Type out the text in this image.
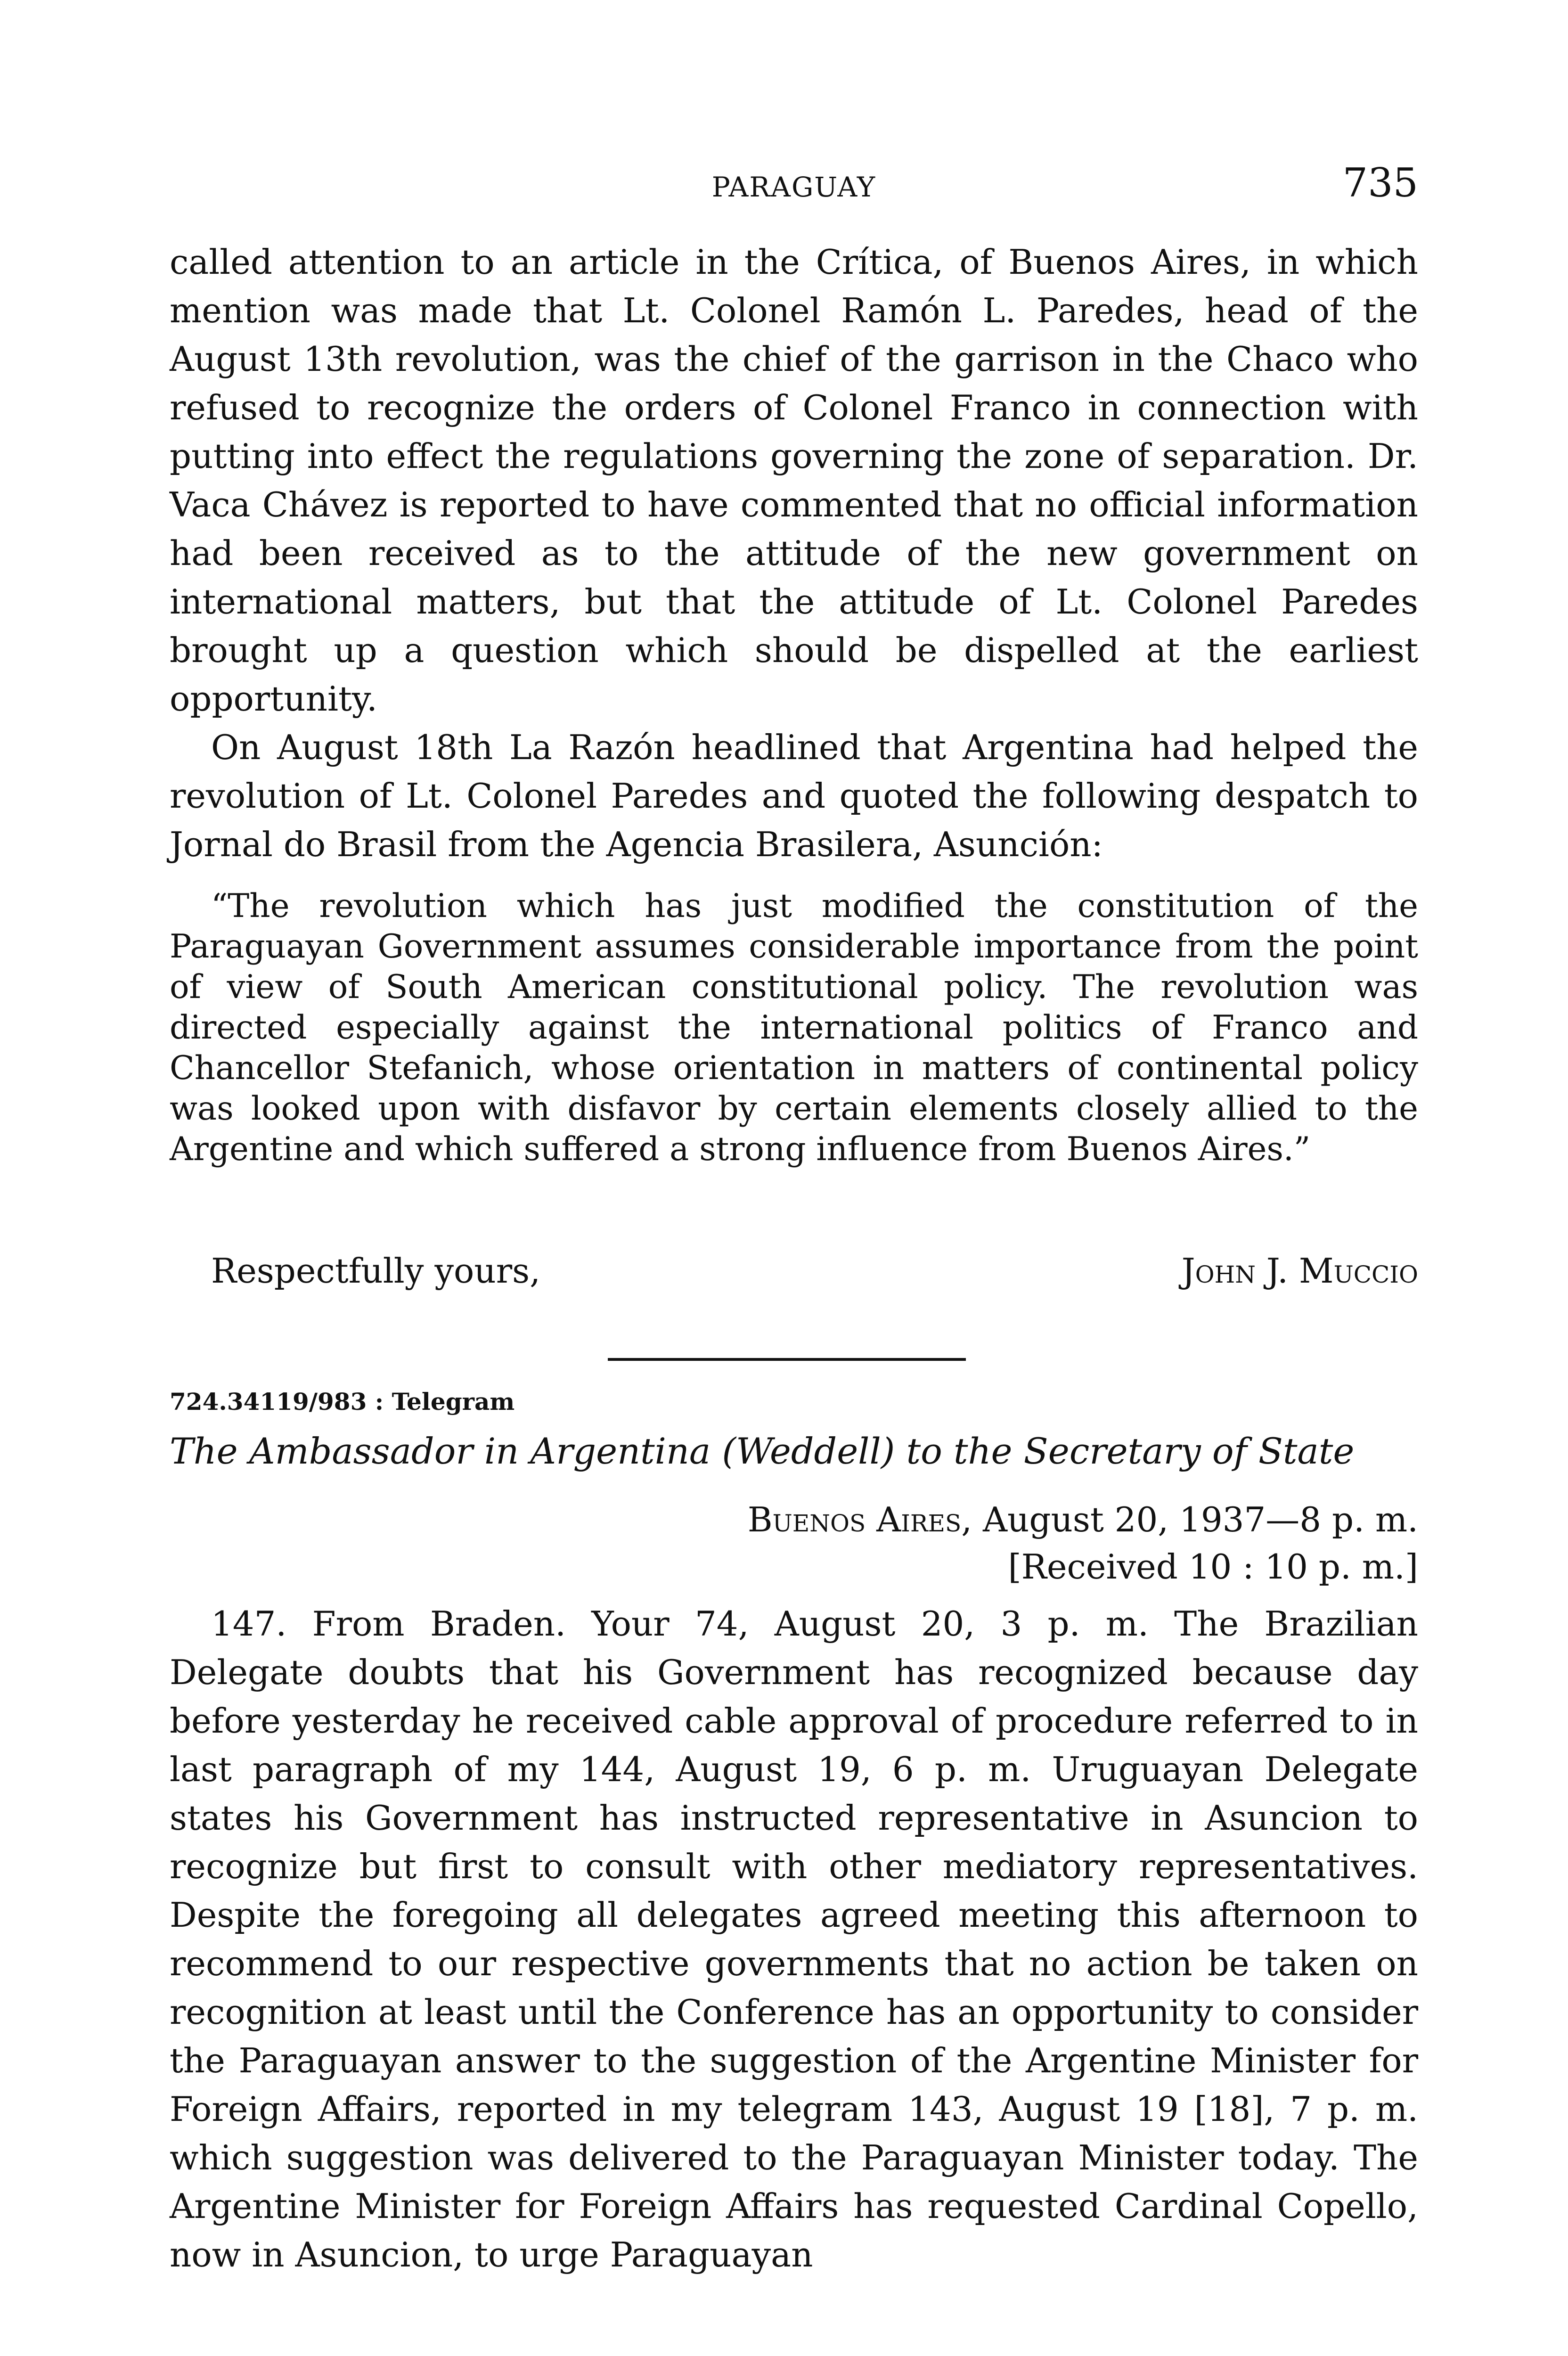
PARAGUAY	735

called attention to an article in the Crítica, of Buenos Aires, in which mention was made that Lt. Colonel Ramón L. Paredes, head of the August 13th revolution, was the chief of the garrison in the Chaco who refused to recognize the orders of Colonel Franco in connection with putting into effect the regulations governing the zone of separation. Dr. Vaca Chávez is reported to have commented that no official information had been received as to the attitude of the new government on international matters, but that the attitude of Lt. Colonel Paredes brought up a question which should be dispelled at the earliest opportunity.

On August 18th La Razón headlined that Argentina had helped the revolution of Lt. Colonel Paredes and quoted the following despatch to Jornal do Brasil from the Agencia Brasilera, Asunción:

“The revolution which has just modified the constitution of the Paraguayan Government assumes considerable importance from the point of view of South American constitutional policy. The revolution was directed especially against the international politics of Franco and Chancellor Stefanich, whose orientation in matters of continental policy was looked upon with disfavor by certain elements closely allied to the Argentine and which suffered a strong influence from Buenos Aires.”

Respectfully yours,	John J. Muccio
724.34119/983 : Telegram
The Ambassador in Argentina (Weddell) to the Secretary of State
Buenos Aires, August 20, 1937—8 p. m.
[Received 10 : 10 p. m.]

147. From Braden. Your 74, August 20, 3 p. m. The Brazilian Delegate doubts that his Government has recognized because day before yesterday he received cable approval of procedure referred to in last paragraph of my 144, August 19, 6 p. m. Uruguayan Delegate states his Government has instructed representative in Asuncion to recognize but first to consult with other mediatory representatives. Despite the foregoing all delegates agreed meeting this afternoon to recommend to our respective governments that no action be taken on recognition at least until the Conference has an opportunity to consider the Paraguayan answer to the suggestion of the Argentine Minister for Foreign Affairs, reported in my telegram 143, August 19 [18], 7 p. m. which suggestion was delivered to the Paraguayan Minister today. The Argentine Minister for Foreign Affairs has requested Cardinal Copello, now in Asuncion, to urge Paraguayan
